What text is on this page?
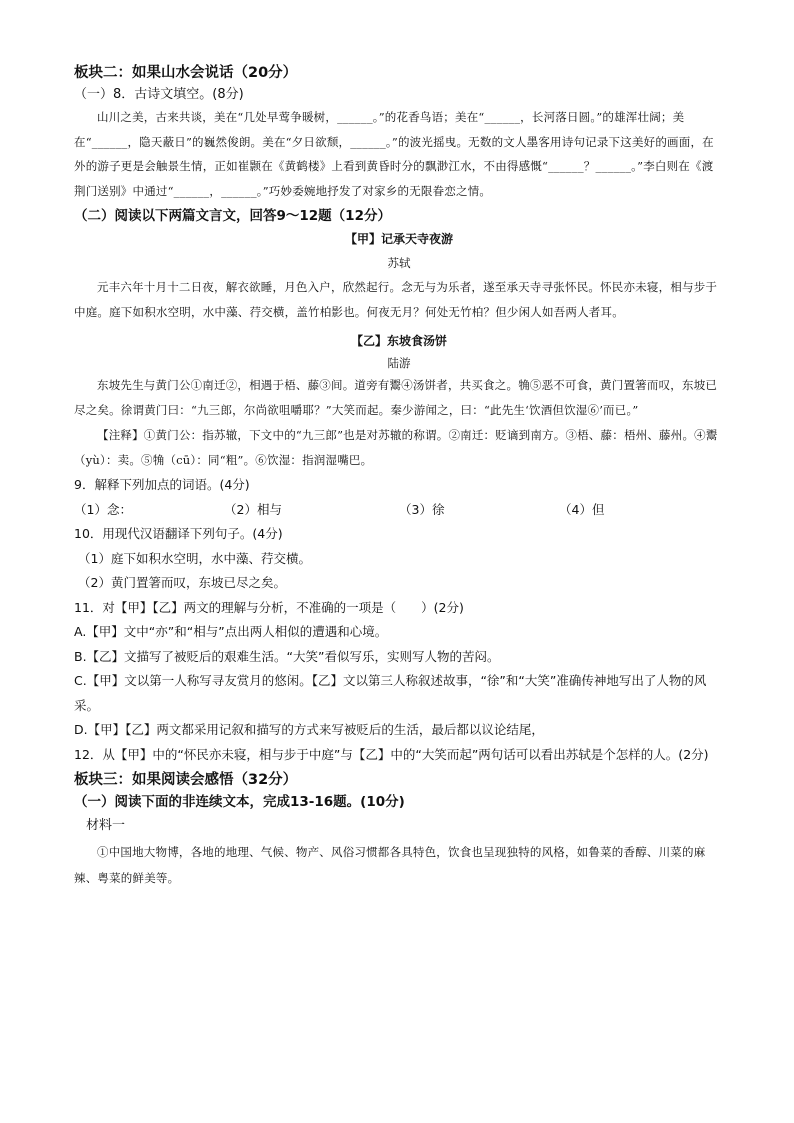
板块二：如果山水会说话（20分）

（一）8．古诗文填空。(8分)

山川之美，古来共谈，美在“几处早莺争暖树，______。”的花香鸟语；美在“______，长河落日圆。”的雄浑壮阔；美在“______，隐天蔽日”的巍然俊朗。美在“夕日欲颓，______。”的波光摇曳。无数的文人墨客用诗句记录下这美好的画面，在外的游子更是会触景生情，正如崔颢在《黄鹤楼》上看到黄昏时分的飘渺江水，不由得感慨“______？______。”李白则在《渡荆门送别》中通过“______，______。”巧妙委婉地抒发了对家乡的无限眷恋之情。

（二）阅读以下两篇文言文，回答9～12题（12分）

【甲】记承天寺夜游

苏轼

元丰六年十月十二日夜，解衣欲睡，月色入户，欣然起行。念无与为乐者，遂至承天寺寻张怀民。怀民亦未寝，相与步于中庭。庭下如积水空明，水中藻、荇交横，盖竹柏影也。何夜无月？何处无竹柏？但少闲人如吾两人者耳。

【乙】东坡食汤饼

陆游

东坡先生与黄门公①南迁②，相遇于梧、藤③间。道旁有鬻④汤饼者，共买食之。觕⑤恶不可食，黄门置箸而叹，东坡已尽之矣。徐谓黄门曰：“九三郎，尔尚欲咀嚼耶？”大笑而起。秦少游闻之，曰：“此先生‘饮酒但饮湿⑥’而已。”

【注释】①黄门公：指苏辙，下文中的“九三郎”也是对苏辙的称谓。②南迁：贬谪到南方。③梧、藤：梧州、藤州。④鬻（yù）：卖。⑤觕（cū）：同“粗”。⑥饮湿：指润湿嘴巴。

9．解释下列加点的词语。(4分)

（1）念：	（2）相与	（3）徐	（4）但

10．用现代汉语翻译下列句子。(4分)

（1）庭下如积水空明，水中藻、荇交横。

（2）黄门置箸而叹，东坡已尽之矣。

11．对【甲】【乙】两文的理解与分析，不准确的一项是（　　）(2分)

A.【甲】文中“亦”和“相与”点出两人相似的遭遇和心境。

B.【乙】文描写了被贬后的艰难生活。“大笑”看似写乐，实则写人物的苦闷。

C.【甲】文以第一人称写寻友赏月的悠闲。【乙】文以第三人称叙述故事，“徐”和“大笑”准确传神地写出了人物的风采。

D.【甲】【乙】两文都采用记叙和描写的方式来写被贬后的生活，最后都以议论结尾，

12．从【甲】中的“怀民亦未寝，相与步于中庭”与【乙】中的“大笑而起”两句话可以看出苏轼是个怎样的人。(2分)

板块三：如果阅读会感悟（32分）

（一）阅读下面的非连续文本，完成13-16题。(10分)

材料一

①中国地大物博，各地的地理、气候、物产、风俗习惯都各具特色，饮食也呈现独特的风格，如鲁菜的香醇、川菜的麻辣、粤菜的鲜美等。
